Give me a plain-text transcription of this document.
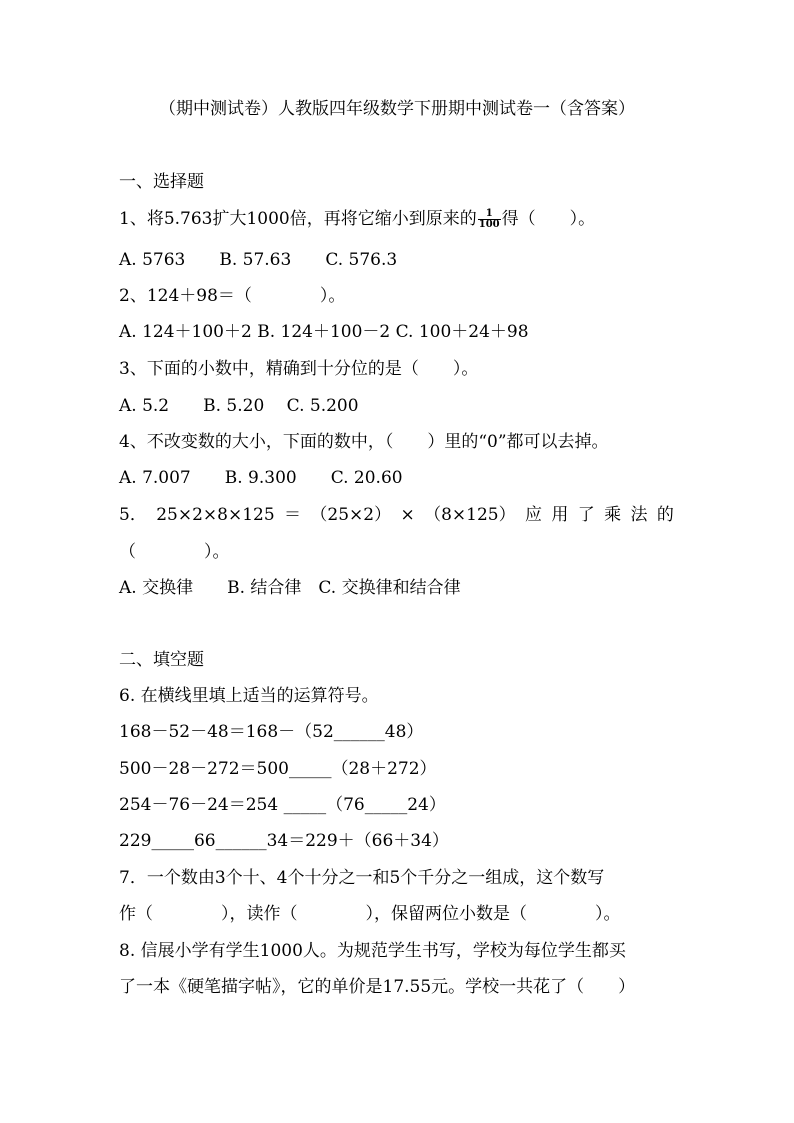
（期中测试卷）人教版四年级数学下册期中测试卷一（含答案）
一、选择题
1、将5.763扩大1000倍，再将它缩小到原来的 $\frac{1}{100}$ 得（　　）。
A. 5763　　B. 57.63　　C. 576.3
2、124＋98＝（　　　　）。
A. 124＋100＋2 B. 124＋100－2 C. 100＋24＋98
3、下面的小数中，精确到十分位的是（　　）。
A. 5.2　　B. 5.20　 C. 5.200
4、不改变数的大小，下面的数中，（　　）里的“0”都可以去掉。
A. 7.007　　B. 9.300　　C. 20.60
5． 25×2×8×125 ＝ （25×2） × （8×125） 应 用 了 乘 法 的
（　　　　）。
A. 交换律　　B. 结合律　C. 交换律和结合律
二、填空题
6. 在横线里填上适当的运算符号。
168－52－48＝168－（52______48）
500－28－272＝500_____（28＋272）
254－76－24＝254 _____（76_____24）
229_____66______34＝229＋（66＋34）
7．一个数由3个十、4个十分之一和5个千分之一组成，这个数写
作（　　　　），读作（　　　　），保留两位小数是（　　　　）。
8. 信展小学有学生1000人。为规范学生书写，学校为每位学生都买
了一本《硬笔描字帖》，它的单价是17.55元。学校一共花了（　　）
